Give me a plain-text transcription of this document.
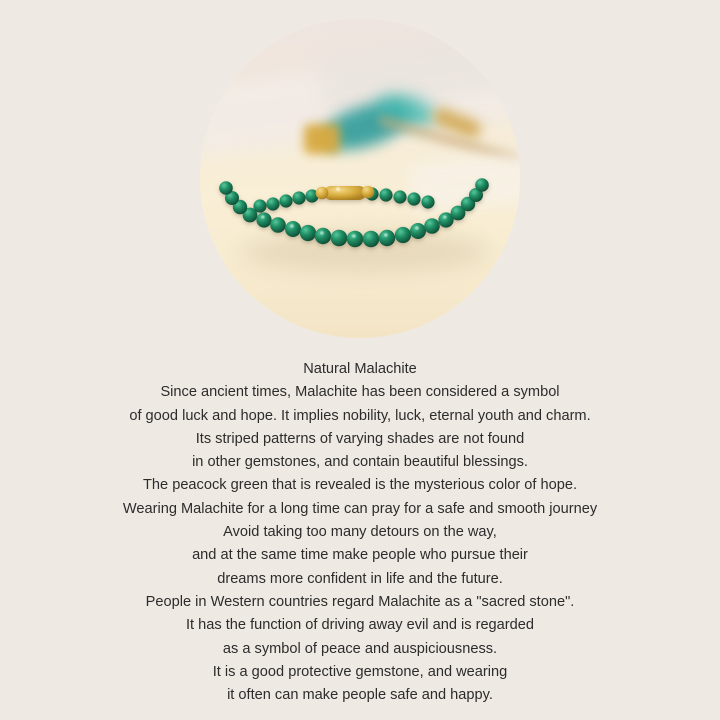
Natural Malachite
Since ancient times, Malachite has been considered a symbol
of good luck and hope. It implies nobility, luck, eternal youth and charm.
Its striped patterns of varying shades are not found
in other gemstones, and contain beautiful blessings.
The peacock green that is revealed is the mysterious color of hope.
Wearing Malachite for a long time can pray for a safe and smooth journey
Avoid taking too many detours on the way,
and at the same time make people who pursue their
dreams more confident in life and the future.
People in Western countries regard Malachite as a "sacred stone".
It has the function of driving away evil and is regarded
as a symbol of peace and auspiciousness.
It is a good protective gemstone, and wearing
it often can make people safe and happy.
